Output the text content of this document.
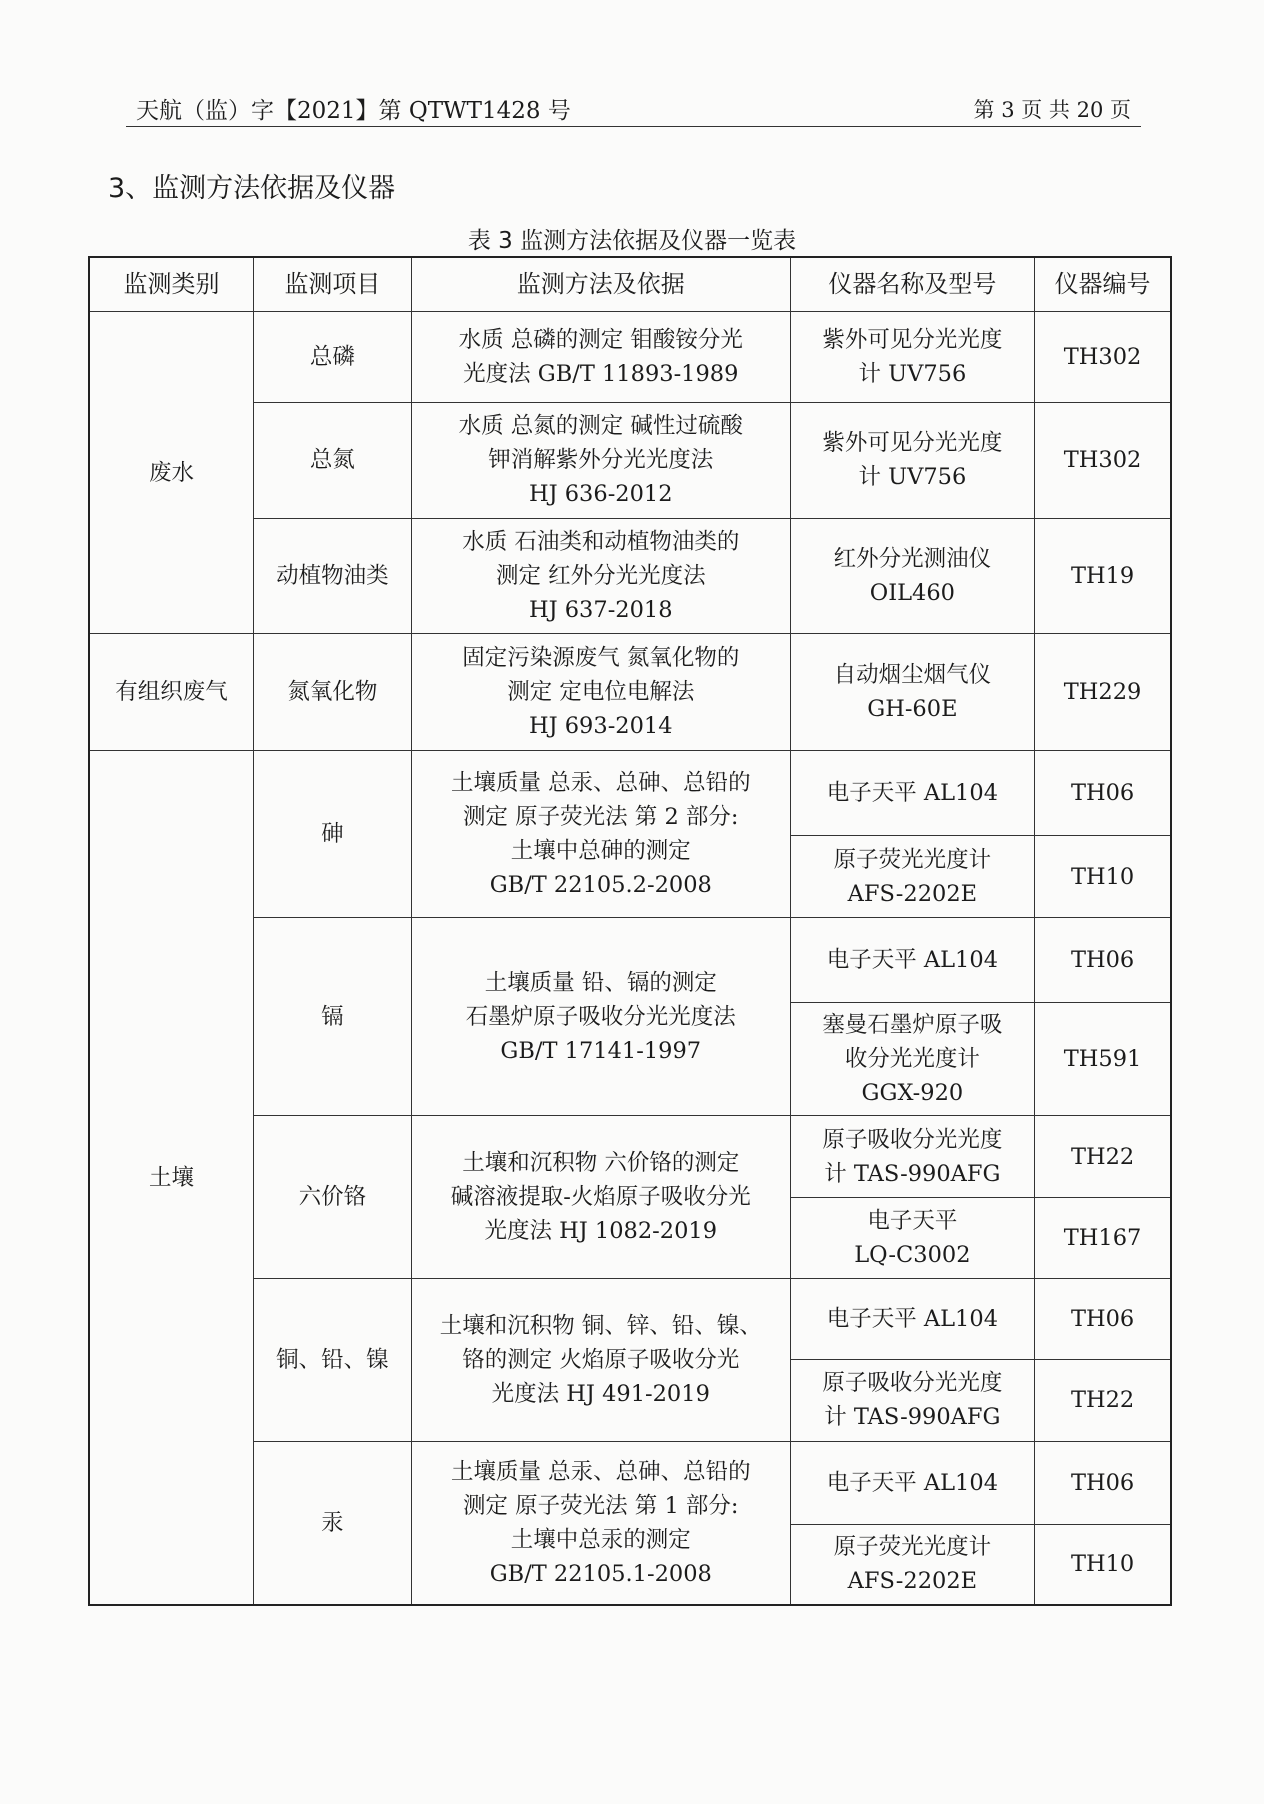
天航（监）字【2021】第 QTWT1428 号	第 3 页 共 20 页
3、监测方法依据及仪器
表 3 监测方法依据及仪器一览表
监测类别	监测项目	监测方法及依据	仪器名称及型号	仪器编号
废水	总磷	水质 总磷的测定 钼酸铵分光
光度法 GB/T 11893-1989	紫外可见分光光度
计 UV756	TH302
	总氮	水质 总氮的测定 碱性过硫酸
钾消解紫外分光光度法
HJ 636-2012	紫外可见分光光度
计 UV756	TH302
	动植物油类	水质 石油类和动植物油类的
测定 红外分光光度法
HJ 637-2018	红外分光测油仪
OIL460	TH19
有组织废气	氮氧化物	固定污染源废气 氮氧化物的
测定 定电位电解法
HJ 693-2014	自动烟尘烟气仪
GH-60E	TH229
土壤	砷	土壤质量 总汞、总砷、总铅的
测定 原子荧光法 第 2 部分:
土壤中总砷的测定
GB/T 22105.2-2008	电子天平 AL104	TH06
			原子荧光光度计
AFS-2202E	TH10
	镉	土壤质量 铅、镉的测定
石墨炉原子吸收分光光度法
GB/T 17141-1997	电子天平 AL104	TH06
			塞曼石墨炉原子吸
收分光光度计
GGX-920	TH591
	六价铬	土壤和沉积物 六价铬的测定
碱溶液提取-火焰原子吸收分光
光度法 HJ 1082-2019	原子吸收分光光度
计 TAS-990AFG	TH22
			电子天平
LQ-C3002	TH167
	铜、铅、镍	土壤和沉积物 铜、锌、铅、镍、
铬的测定 火焰原子吸收分光
光度法 HJ 491-2019	电子天平 AL104	TH06
			原子吸收分光光度
计 TAS-990AFG	TH22
	汞	土壤质量 总汞、总砷、总铅的
测定 原子荧光法 第 1 部分:
土壤中总汞的测定
GB/T 22105.1-2008	电子天平 AL104	TH06
			原子荧光光度计
AFS-2202E	TH10
